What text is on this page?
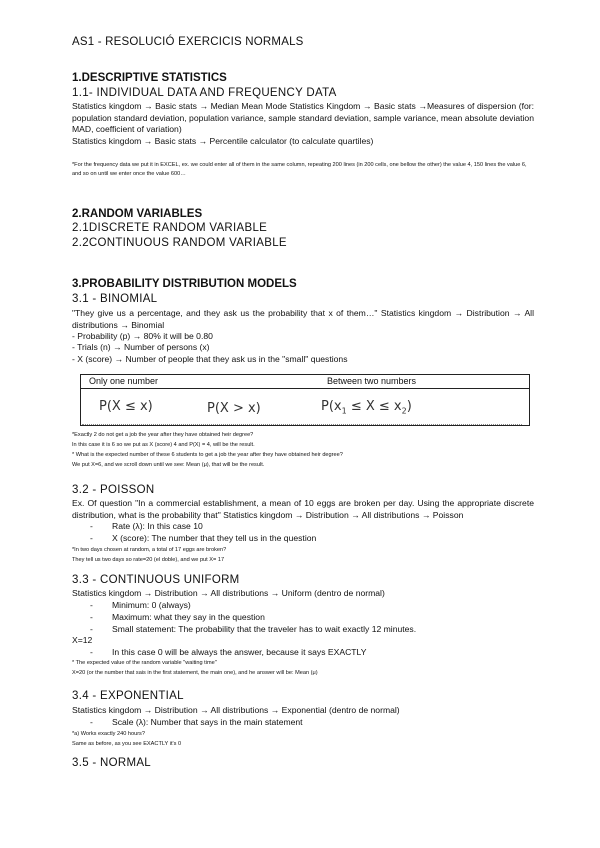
AS1 - RESOLUCIÓ EXERCICIS NORMALS
1.DESCRIPTIVE STATISTICS
1.1- INDIVIDUAL DATA AND FREQUENCY DATA
Statistics kingdom → Basic stats → Median Mean Mode Statistics Kingdom → Basic stats →Measures of dispersion (for: population standard deviation, population variance, sample standard deviation, sample variance, mean absolute deviation MAD, coefficient of variation)
Statistics kingdom → Basic stats → Percentile calculator (to calculate quartiles)
*For the frequency data we put it in EXCEL, ex. we could enter all of them in the same column, repeating 200 lines (in 200 cells, one bellow the other) the value 4, 150 lines the value 6, and so on until we enter once the value 600…
2.RANDOM VARIABLES
2.1DISCRETE RANDOM VARIABLE
2.2CONTINUOUS RANDOM VARIABLE
3.PROBABILITY DISTRIBUTION MODELS
3.1 - BINOMIAL
"They give us a percentage, and they ask us the probability that x of them…" Statistics kingdom → Distribution → All distributions → Binomial
- Probability (p) → 80% it will be 0.80
- Trials (n) → Number of persons (x)
- X (score) → Number of people that they ask us in the "small" questions
Only one number	Between two numbers
P(X ≤ x)	P(X > x)	$P(x_1 \le X \le x_2)$
*Exactly 2 do not get a job the year after they have obtained heir degree?
In this case it is 6 so we put as X (score) 4 and P(X) = 4, will be the result.
* What is the expected number of these 6 students to get a job the year after they have obtained heir degree?
We put X=6, and we scroll down until we see: Mean (μ), that will be the result.
3.2 - POISSON
Ex. Of question "In a commercial establishment, a mean of 10 eggs are broken per day. Using the appropriate discrete distribution, what is the probability that" Statistics kingdom → Distribution → All distributions → Poisson
- Rate (λ): In this case 10
- X (score): The number that they tell us in the question
*In two days chosen at random, a total of 17 eggs are broken?
They tell us two days so rate=20 (el doble), and we put X= 17
3.3 - CONTINUOUS UNIFORM
Statistics kingdom → Distribution → All distributions → Uniform (dentro de normal)
- Minimum: 0 (always)
- Maximum: what they say in the question
- Small statement: The probability that the traveler has to wait exactly 12 minutes.
X=12
- In this case 0 will be always the answer, because it says EXACTLY
* The expected value of the random variable "waiting time"
X=20 (or the number that sais in the first statement, the main one), and he answer will be: Mean (μ)
3.4 - EXPONENTIAL
Statistics kingdom → Distribution → All distributions → Exponential (dentro de normal)
- Scale (λ): Number that says in the main statement
*a) Works exactly 240 hours?
Same as before, as you see EXACTLY it's 0
3.5 - NORMAL
